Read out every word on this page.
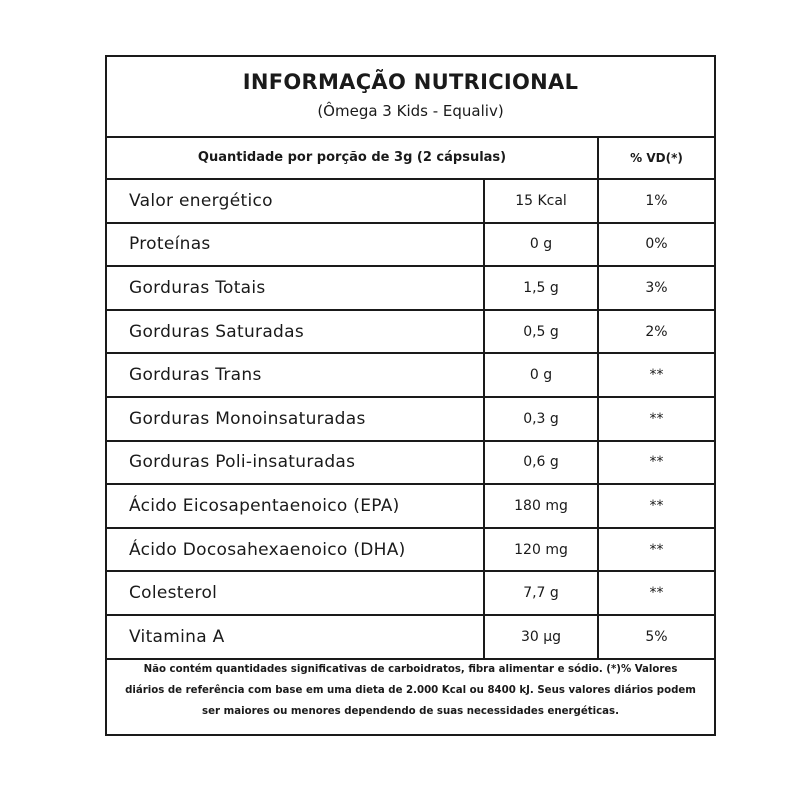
INFORMAÇÃO NUTRICIONAL
(Ômega 3 Kids - Equaliv)
Quantidade por porção de 3g (2 cápsulas)	% VD(*)
Valor energético	15 Kcal	1%
Proteínas	0 g	0%
Gorduras Totais	1,5 g	3%
Gorduras Saturadas	0,5 g	2%
Gorduras Trans	0 g	**
Gorduras Monoinsaturadas	0,3 g	**
Gorduras Poli-insaturadas	0,6 g	**
Ácido Eicosapentaenoico (EPA)	180 mg	**
Ácido Docosahexaenoico (DHA)	120 mg	**
Colesterol	7,7 g	**
Vitamina A	30 µg	5%
Não contém quantidades significativas de carboidratos, fibra alimentar e sódio. (*)% Valores
diários de referência com base em uma dieta de 2.000 Kcal ou 8400 kJ. Seus valores diários podem
ser maiores ou menores dependendo de suas necessidades energéticas.
